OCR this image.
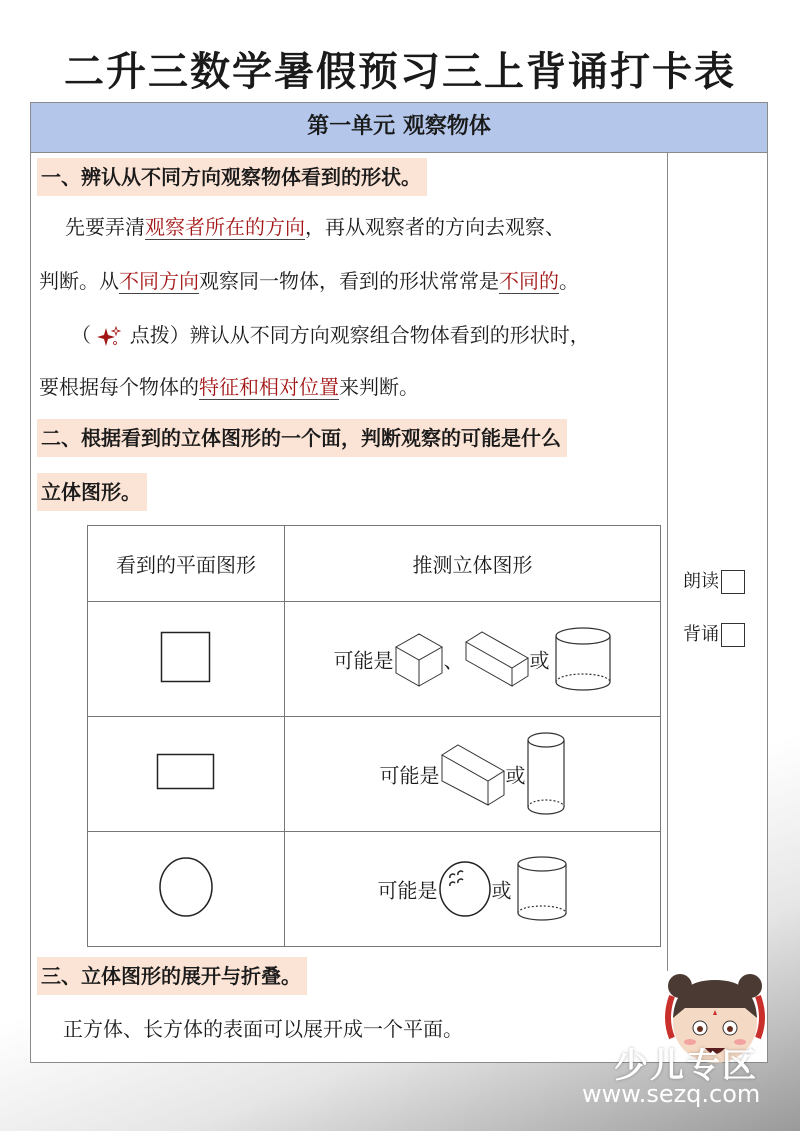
二升三数学暑假预习三上背诵打卡表
第一单元 观察物体
一、辨认从不同方向观察物体看到的形状。
先要弄清观察者所在的方向，再从观察者的方向去观察、
判断。从不同方向观察同一物体，看到的形状常常是不同的。
（ 点拨）辨认从不同方向观察组合物体看到的形状时，
要根据每个物体的特征和相对位置来判断。
二、根据看到的立体图形的一个面，判断观察的可能是什么
立体图形。
看到的平面图形	推测立体图形
	可能是 、 或
	可能是 或
	可能是 或
朗读
背诵
三、立体图形的展开与折叠。
正方体、长方体的表面可以展开成一个平面。
少儿专区
www.sezq.com
